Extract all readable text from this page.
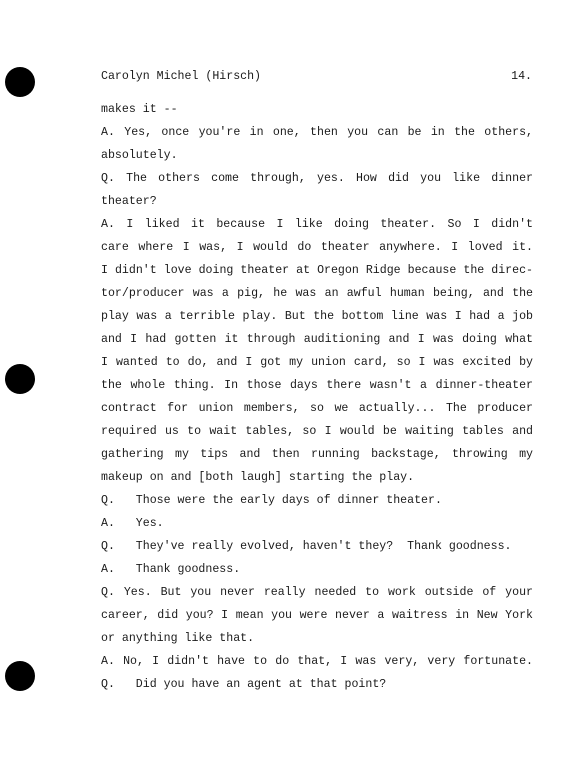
Carolyn Michel (Hirsch)	14.
makes it --
A. Yes, once you're in one, then you can be in the others,
absolutely.
Q. The others come through, yes. How did you like dinner
theater?
A. I liked it because I like doing theater. So I didn't
care where I was, I would do theater anywhere. I loved it.
I didn't love doing theater at Oregon Ridge because the direc-
tor/producer was a pig, he was an awful human being, and the
play was a terrible play. But the bottom line was I had a job
and I had gotten it through auditioning and I was doing what
I wanted to do, and I got my union card, so I was excited by
the whole thing. In those days there wasn't a dinner-theater
contract for union members, so we actually... The producer
required us to wait tables, so I would be waiting tables and
gathering my tips and then running backstage, throwing my
makeup on and [both laugh] starting the play.
Q.   Those were the early days of dinner theater.
A.   Yes.
Q.   They've really evolved, haven't they?  Thank goodness.
A.   Thank goodness.
Q. Yes. But you never really needed to work outside of your
career, did you? I mean you were never a waitress in New York
or anything like that.
A. No, I didn't have to do that, I was very, very fortunate.
Q.   Did you have an agent at that point?
